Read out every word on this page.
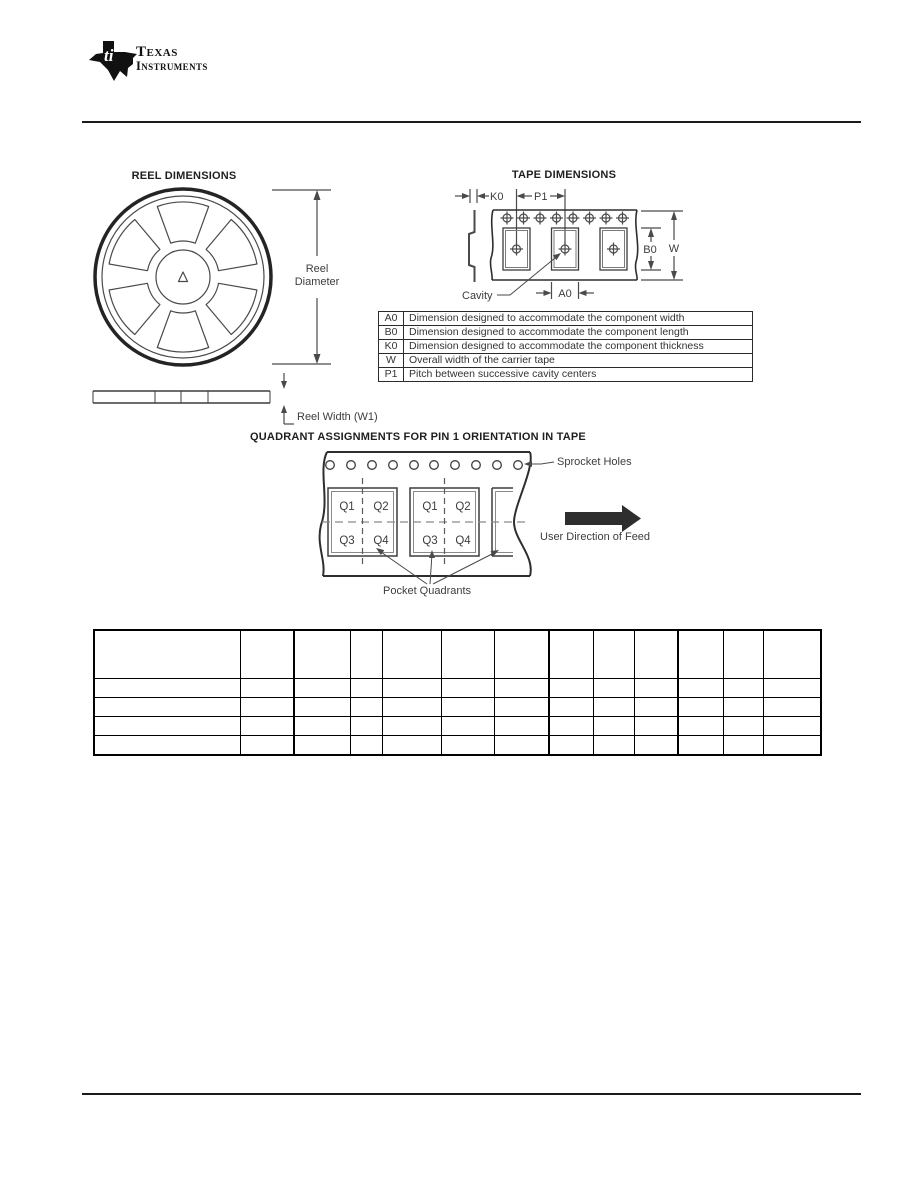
ti Texas
Instruments
REEL DIMENSIONS
Reel Diameter
Reel Width (W1)
TAPE DIMENSIONS
QUADRANT ASSIGNMENTS FOR PIN 1 ORIENTATION IN TAPE
Sprocket Holes
User Direction of Feed
Pocket Quadrants
K0	P1
B0 W
A0
Cavity
Q1 Q2
Q3 Q4
Q1 Q2
Q3 Q4
A0	Dimension designed to accommodate the component width
B0	Dimension designed to accommodate the component length
K0	Dimension designed to accommodate the component thickness
W	Overall width of the carrier tape
P1	Pitch between successive cavity centers
